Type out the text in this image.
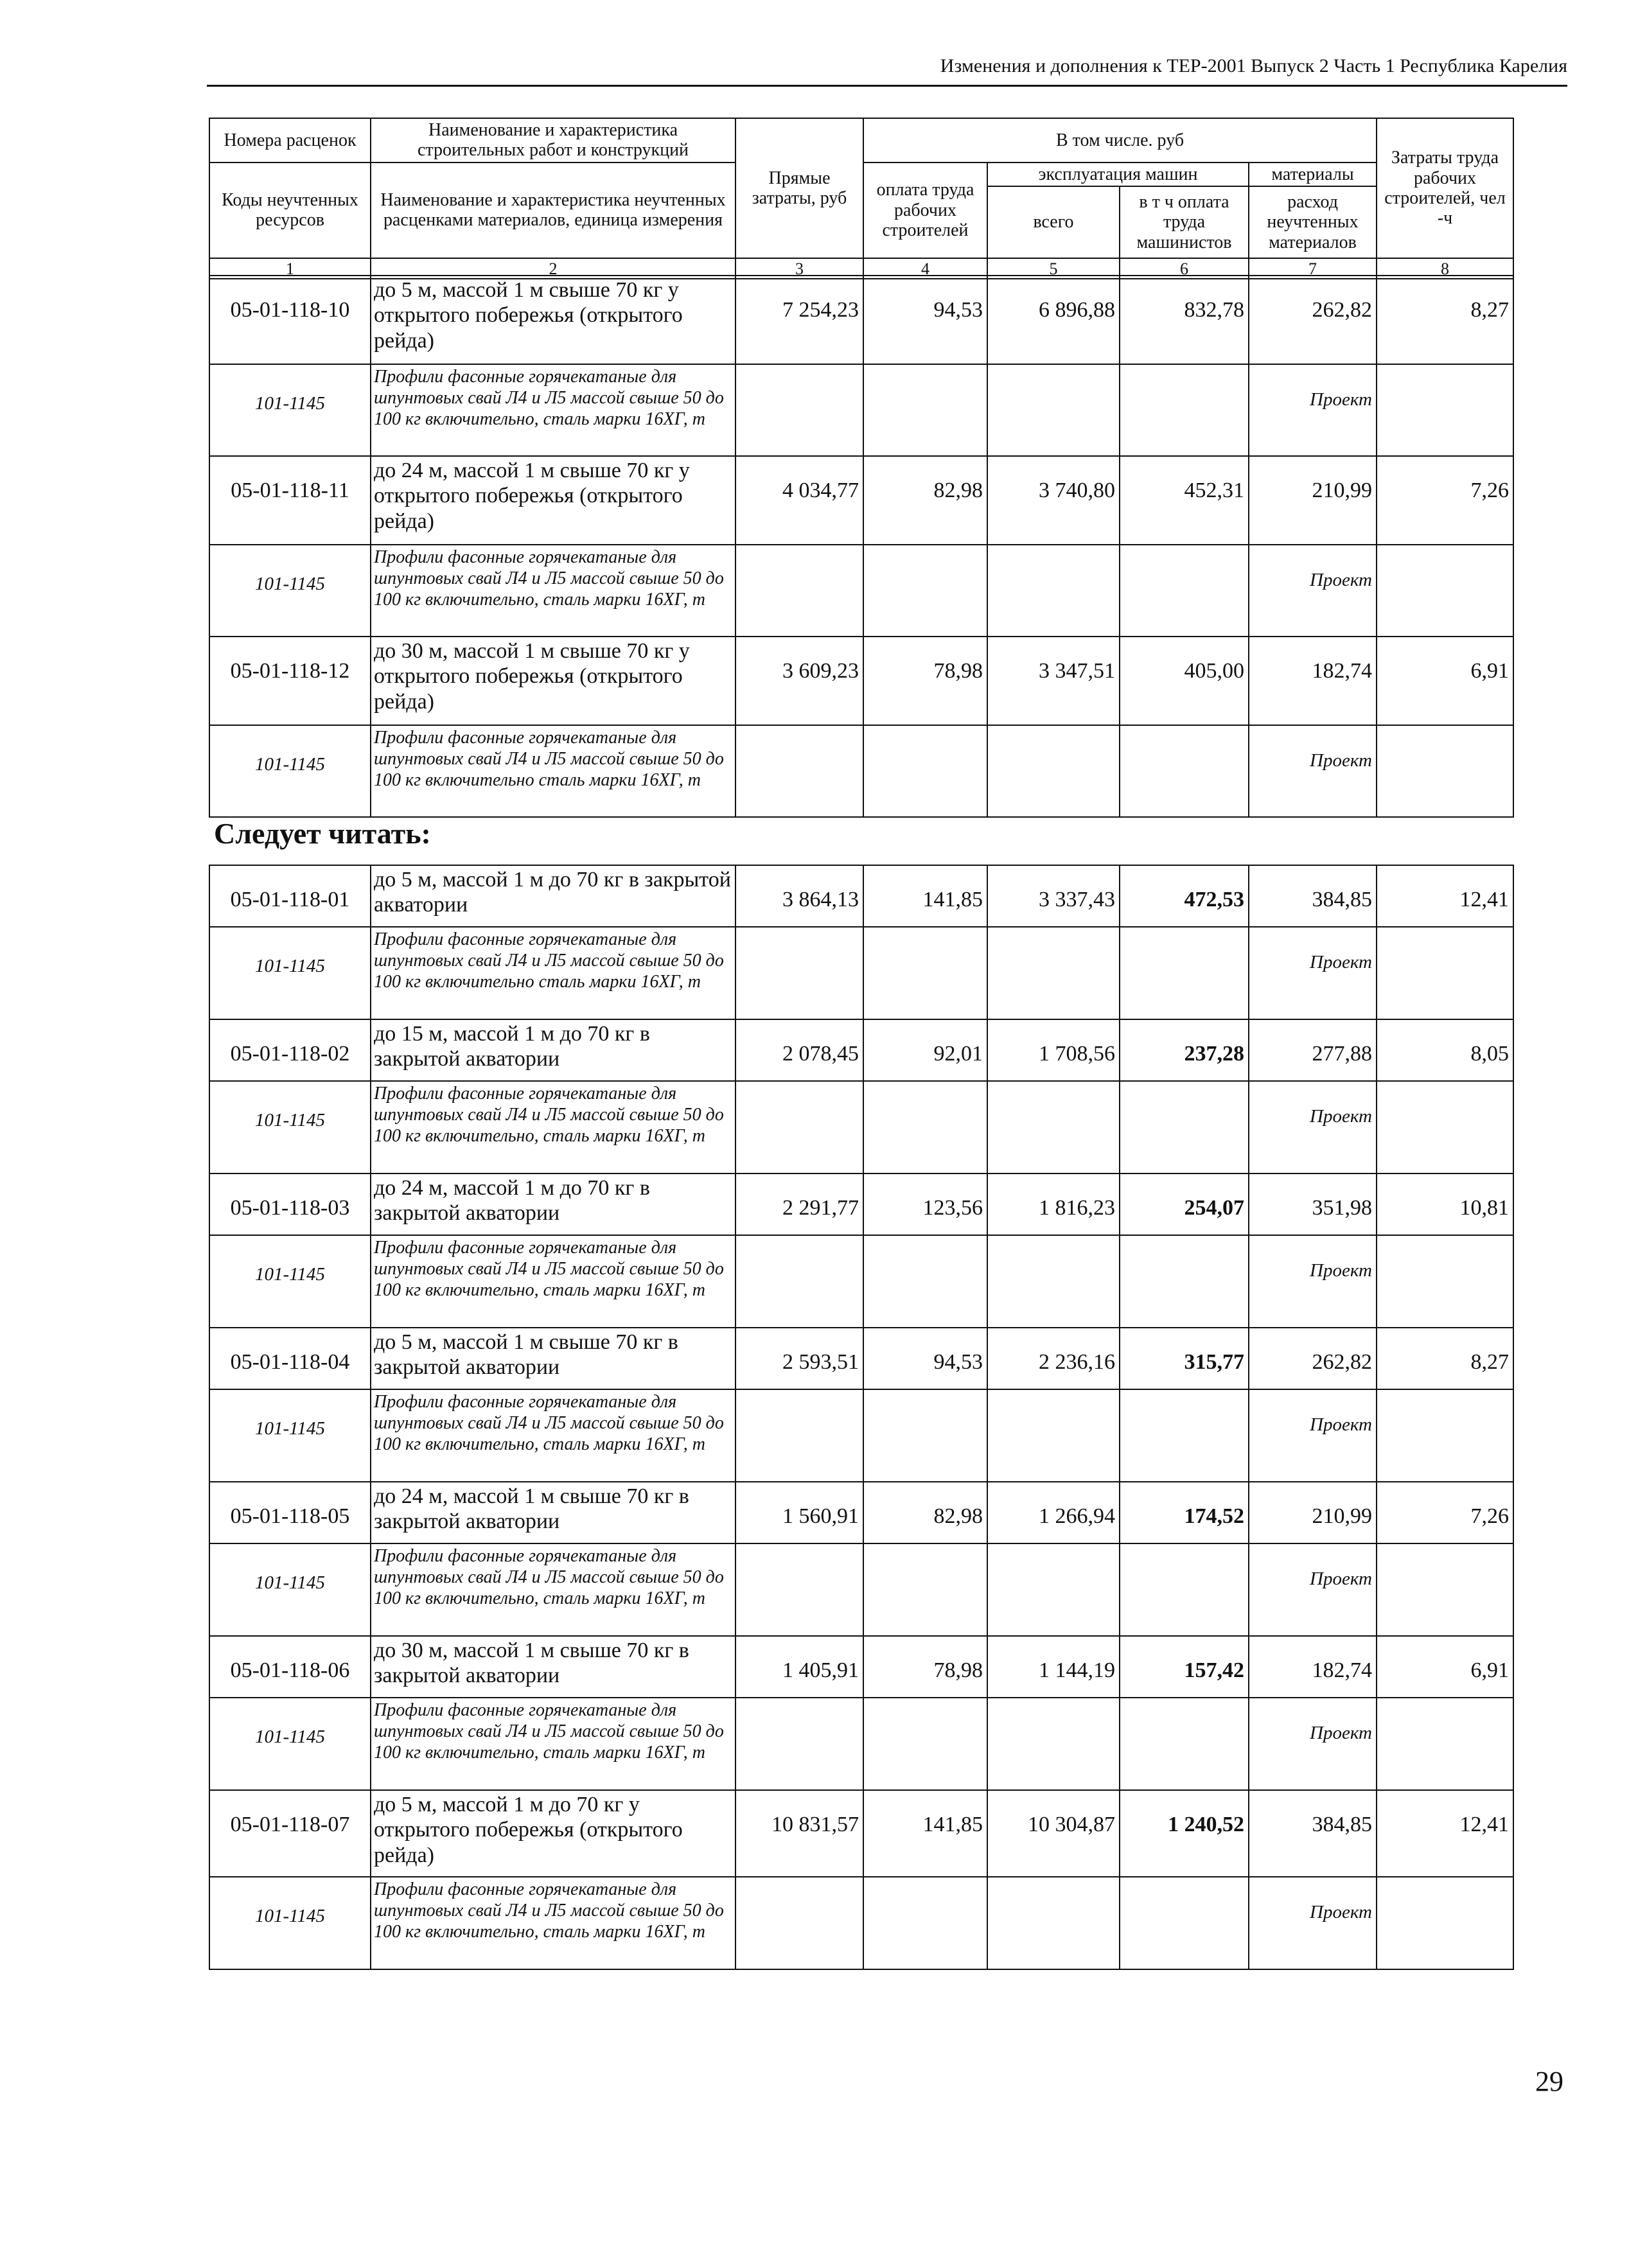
Изменения и дополнения к ТЕР-2001 Выпуск 2 Часть 1 Республика Карелия
Номера расценок	Наименование и характеристика строительных работ и конструкций	Прямые затраты, руб	В том числе. руб				Затраты труда рабочих строителей, чел -ч
Коды неучтенных ресурсов	Наименование и характеристика неучтенных расценками материалов, единица измерения		оплата труда рабочих строителей	эксплуатация машин		материалы	
				всего	в т ч оплата труда машинистов	расход неучтенных материалов	
1	2	3	4	5	6	7	8
05-01-118-10	до 5 м, массой 1 м свыше 70 кг у открытого побережья (открытого рейда)	7 254,23	94,53	6 896,88	832,78	262,82	8,27
101-1145	Профили фасонные горячекатаные для шпунтовых свай Л4 и Л5 массой свыше 50 до 100 кг включительно, сталь марки 16ХГ, т					Проект	
05-01-118-11	до 24 м, массой 1 м свыше 70 кг у открытого побережья (открытого рейда)	4 034,77	82,98	3 740,80	452,31	210,99	7,26
101-1145	Профили фасонные горячекатаные для шпунтовых свай Л4 и Л5 массой свыше 50 до 100 кг включительно, сталь марки 16ХГ, т					Проект	
05-01-118-12	до 30 м, массой 1 м свыше 70 кг у открытого побережья (открытого рейда)	3 609,23	78,98	3 347,51	405,00	182,74	6,91
101-1145	Профили фасонные горячекатаные для шпунтовых свай Л4 и Л5 массой свыше 50 до 100 кг включительно сталь марки 16ХГ, т					Проект	
Следует читать:
05-01-118-01	до 5 м, массой 1 м до 70 кг в закрытой акватории	3 864,13	141,85	3 337,43	472,53	384,85	12,41
101-1145	Профили фасонные горячекатаные для шпунтовых свай Л4 и Л5 массой свыше 50 до 100 кг включительно сталь марки 16ХГ, т					Проект	
05-01-118-02	до 15 м, массой 1 м до 70 кг в закрытой акватории	2 078,45	92,01	1 708,56	237,28	277,88	8,05
101-1145	Профили фасонные горячекатаные для шпунтовых свай Л4 и Л5 массой свыше 50 до 100 кг включительно, сталь марки 16ХГ, т					Проект	
05-01-118-03	до 24 м, массой 1 м до 70 кг в закрытой акватории	2 291,77	123,56	1 816,23	254,07	351,98	10,81
101-1145	Профили фасонные горячекатаные для шпунтовых свай Л4 и Л5 массой свыше 50 до 100 кг включительно, сталь марки 16ХГ, т					Проект	
05-01-118-04	до 5 м, массой 1 м свыше 70 кг в закрытой акватории	2 593,51	94,53	2 236,16	315,77	262,82	8,27
101-1145	Профили фасонные горячекатаные для шпунтовых свай Л4 и Л5 массой свыше 50 до 100 кг включительно, сталь марки 16ХГ, т					Проект	
05-01-118-05	до 24 м, массой 1 м свыше 70 кг в закрытой акватории	1 560,91	82,98	1 266,94	174,52	210,99	7,26
101-1145	Профили фасонные горячекатаные для шпунтовых свай Л4 и Л5 массой свыше 50 до 100 кг включительно, сталь марки 16ХГ, т					Проект	
05-01-118-06	до 30 м, массой 1 м свыше 70 кг в закрытой акватории	1 405,91	78,98	1 144,19	157,42	182,74	6,91
101-1145	Профили фасонные горячекатаные для шпунтовых свай Л4 и Л5 массой свыше 50 до 100 кг включительно, сталь марки 16ХГ, т					Проект	
05-01-118-07	до 5 м, массой 1 м до 70 кг у открытого побережья (открытого рейда)	10 831,57	141,85	10 304,87	1 240,52	384,85	12,41
101-1145	Профили фасонные горячекатаные для шпунтовых свай Л4 и Л5 массой свыше 50 до 100 кг включительно, сталь марки 16ХГ, т					Проект	
29
